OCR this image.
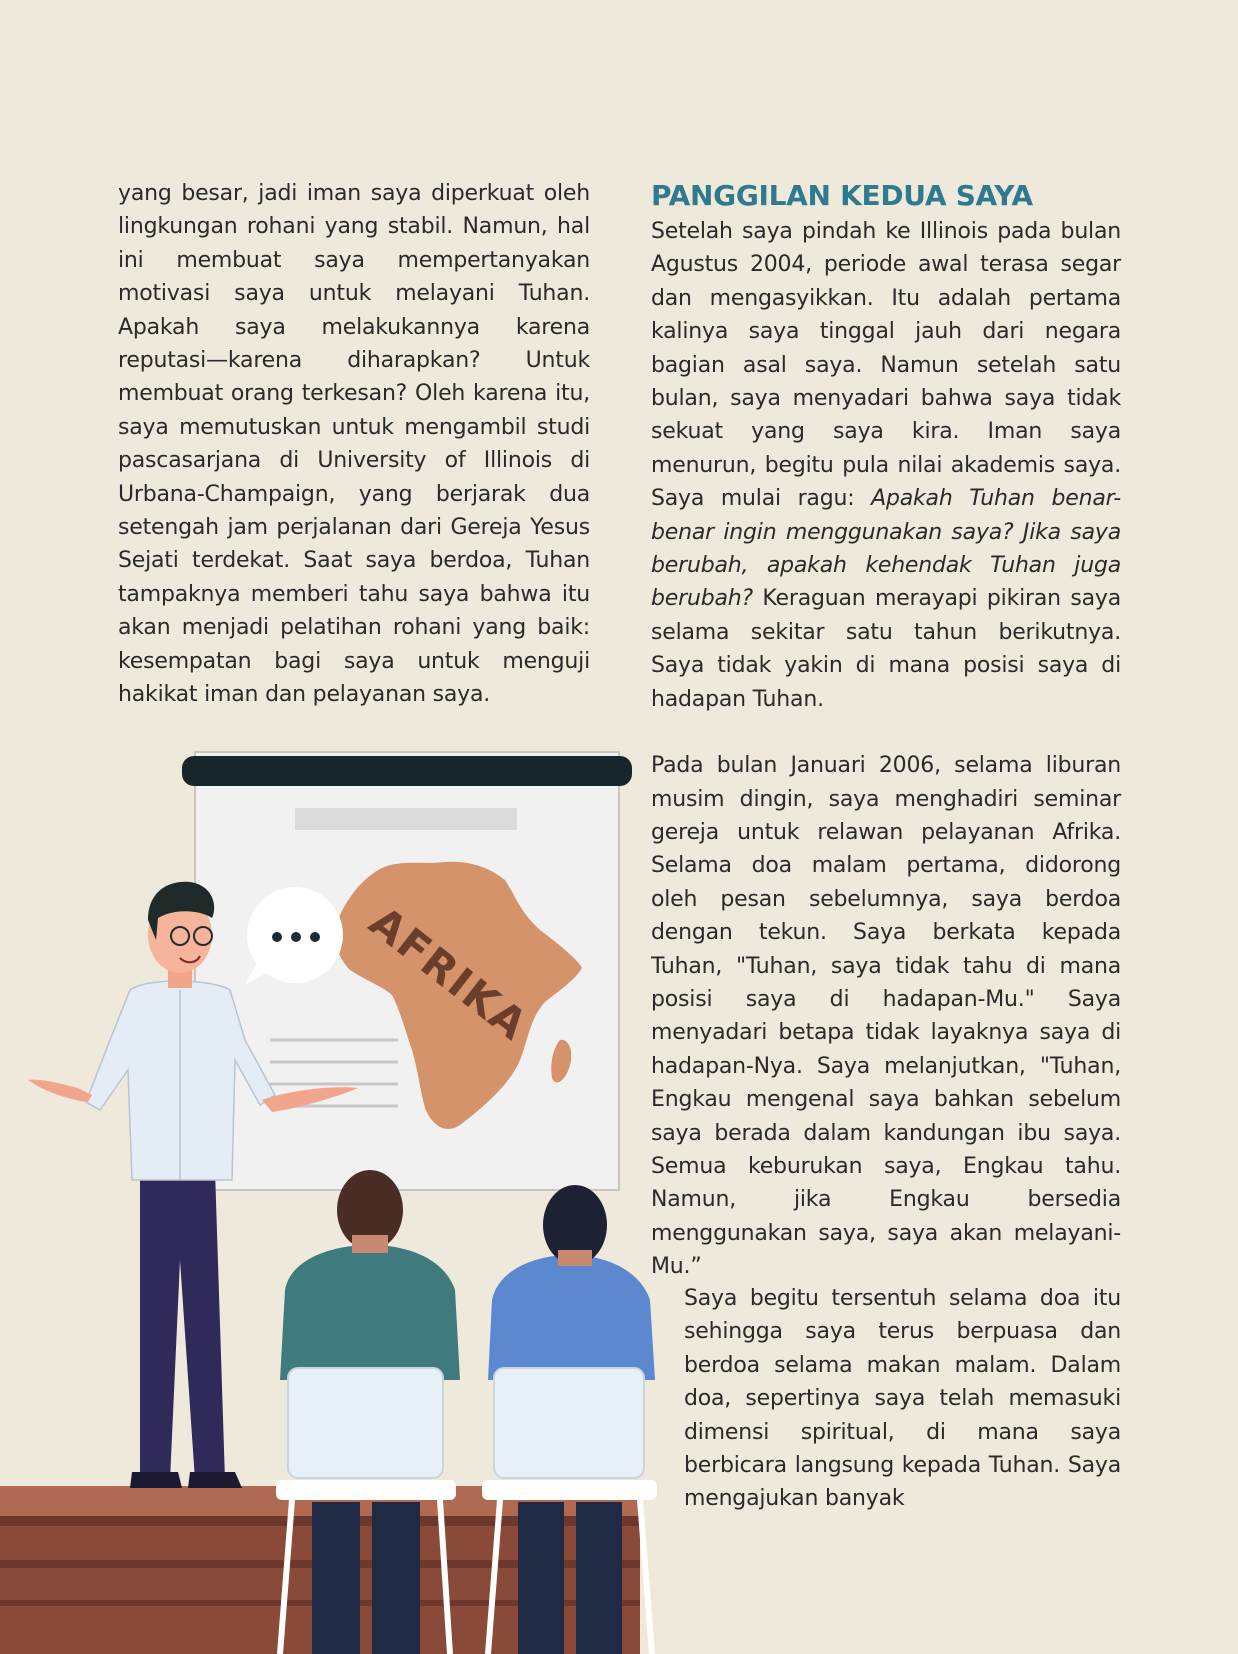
yang besar, jadi iman saya diperkuat oleh lingkungan rohani yang stabil. Namun, hal ini membuat saya mempertanyakan motivasi saya untuk melayani Tuhan. Apakah saya melakukannya karena reputasi—karena diharapkan? Untuk membuat orang terkesan? Oleh karena itu, saya memutuskan untuk mengambil studi pascasarjana di University of Illinois di Urbana-Champaign, yang berjarak dua setengah jam perjalanan dari Gereja Yesus Sejati terdekat. Saat saya berdoa, Tuhan tampaknya memberi tahu saya bahwa itu akan menjadi pelatihan rohani yang baik: kesempatan bagi saya untuk menguji hakikat iman dan pelayanan saya.
PANGGILAN KEDUA SAYA

Setelah saya pindah ke Illinois pada bulan Agustus 2004, periode awal terasa segar dan mengasyikkan. Itu adalah pertama kalinya saya tinggal jauh dari negara bagian asal saya. Namun setelah satu bulan, saya menyadari bahwa saya tidak sekuat yang saya kira. Iman saya menurun, begitu pula nilai akademis saya. Saya mulai ragu:

Apakah Tuhan benar-benar ingin menggunakan saya? Jika saya berubah, apakah kehendak Tuhan juga berubah?

Keraguan merayapi pikiran saya selama sekitar satu tahun berikutnya. Saya tidak yakin di mana posisi saya di hadapan Tuhan.

Pada bulan Januari 2006, selama liburan musim dingin, saya menghadiri seminar gereja untuk relawan pelayanan Afrika. Selama doa malam pertama, didorong oleh pesan sebelumnya, saya berdoa dengan tekun. Saya berkata kepada Tuhan, "Tuhan, saya tidak tahu di mana posisi saya di hadapan-Mu." Saya menyadari betapa tidak layaknya saya di hadapan-Nya. Saya melanjutkan, "Tuhan, Engkau mengenal saya bahkan sebelum saya berada dalam kandungan ibu saya. Semua keburukan saya, Engkau tahu. Namun, jika Engkau bersedia menggunakan saya, saya akan melayani-Mu.”
Saya begitu tersentuh selama doa itu sehingga saya terus berpuasa dan berdoa selama makan malam. Dalam doa, sepertinya saya telah memasuki dimensi spiritual, di mana saya berbicara langsung kepada Tuhan. Saya mengajukan banyak
AFRIKA
